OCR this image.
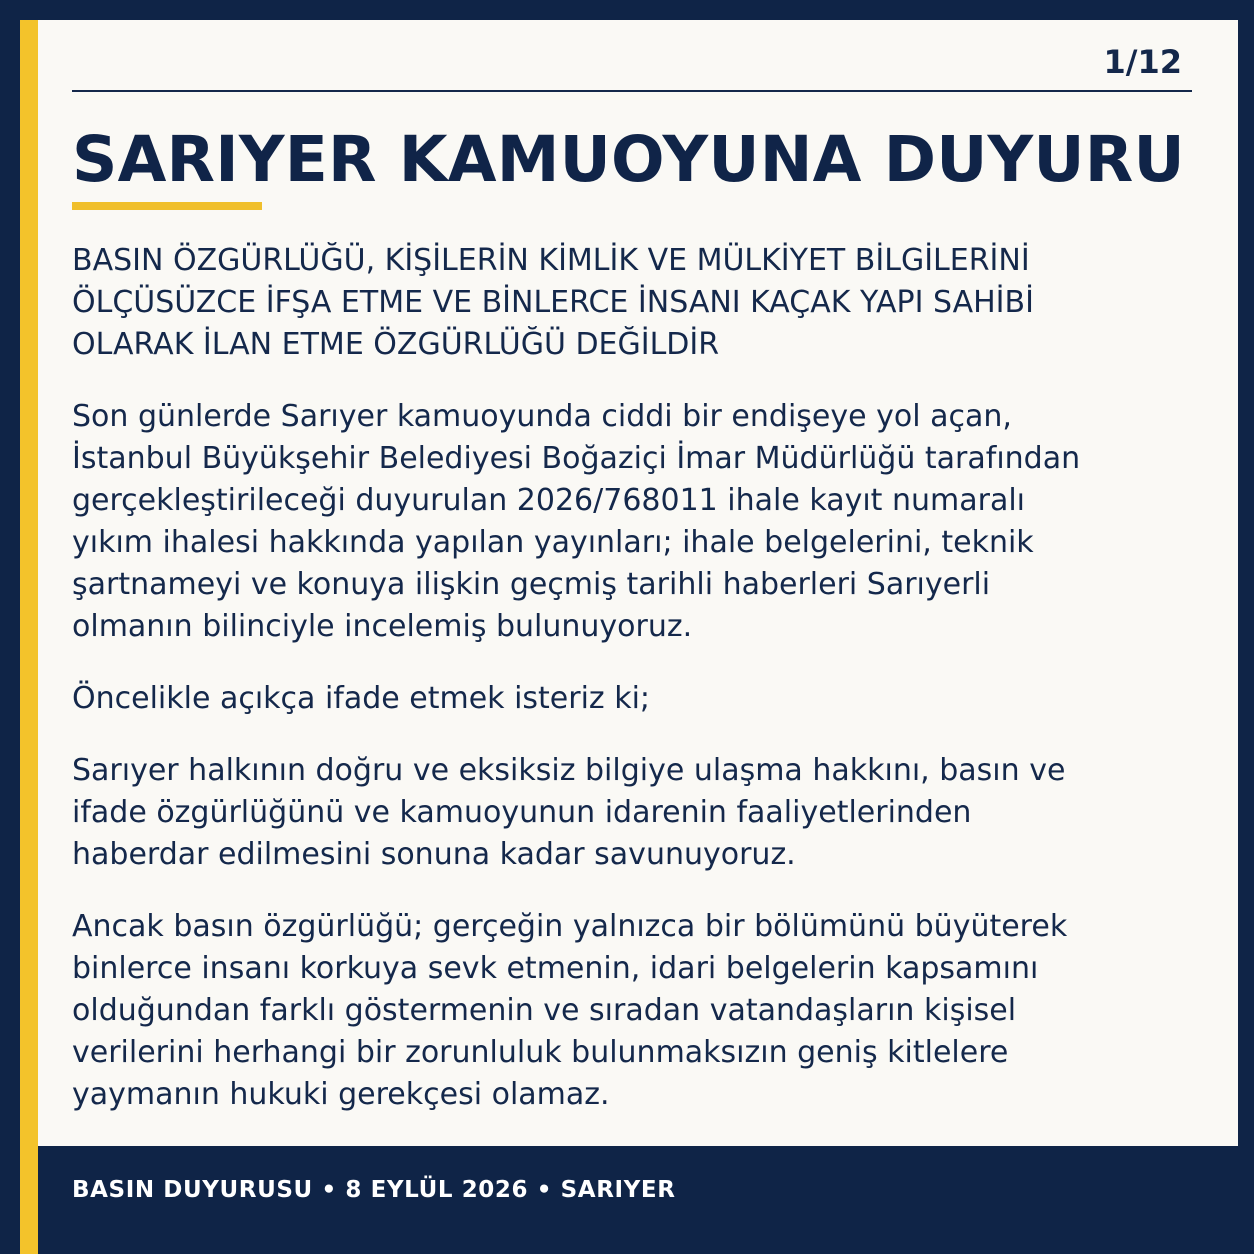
1/12
SARIYER KAMUOYUNA DUYURU
BASIN ÖZGÜRLÜĞÜ, KİŞİLERİN KİMLİK VE MÜLKİYET BİLGİLERİNİ
ÖLÇÜSÜZCE İFŞA ETME VE BİNLERCE İNSANI KAÇAK YAPI SAHİBİ
OLARAK İLAN ETME ÖZGÜRLÜĞÜ DEĞİLDİR

Son günlerde Sarıyer kamuoyunda ciddi bir endişeye yol açan,
İstanbul Büyükşehir Belediyesi Boğaziçi İmar Müdürlüğü tarafından
gerçekleştirileceği duyurulan 2026/768011 ihale kayıt numaralı
yıkım ihalesi hakkında yapılan yayınları; ihale belgelerini, teknik
şartnameyi ve konuya ilişkin geçmiş tarihli haberleri Sarıyerli
olmanın bilinciyle incelemiş bulunuyoruz.

Öncelikle açıkça ifade etmek isteriz ki;

Sarıyer halkının doğru ve eksiksiz bilgiye ulaşma hakkını, basın ve
ifade özgürlüğünü ve kamuoyunun idarenin faaliyetlerinden
haberdar edilmesini sonuna kadar savunuyoruz.

Ancak basın özgürlüğü; gerçeğin yalnızca bir bölümünü büyüterek
binlerce insanı korkuya sevk etmenin, idari belgelerin kapsamını
olduğundan farklı göstermenin ve sıradan vatandaşların kişisel
verilerini herhangi bir zorunluluk bulunmaksızın geniş kitlelere
yaymanın hukuki gerekçesi olamaz.

BASIN DUYURUSU • 8 EYLÜL 2026 • SARIYER
